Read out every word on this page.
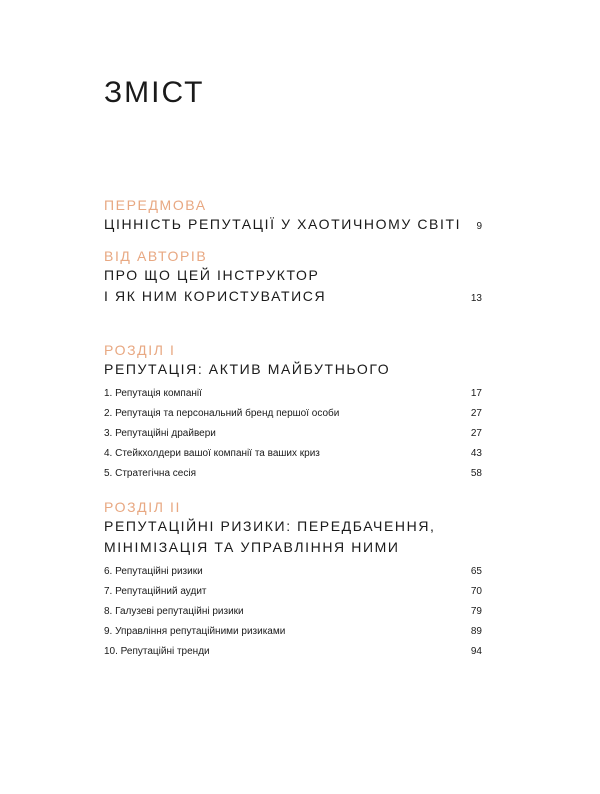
ЗМІСТ
ПЕРЕДМОВА
ЦІННІСТЬ РЕПУТАЦІЇ У ХАОТИЧНОМУ СВІТІ	9
ВІД АВТОРІВ
ПРО ЩО ЦЕЙ ІНСТРУКТОР
І ЯК НИМ КОРИСТУВАТИСЯ	13
РОЗДІЛ І
РЕПУТАЦІЯ: АКТИВ МАЙБУТНЬОГО
1. Репутація компанії	17
2. Репутація та персональний бренд першої особи	27
3. Репутаційні драйвери	27
4. Стейкхолдери вашої компанії та ваших криз	43
5. Стратегічна сесія	58
РОЗДІЛ ІІ
РЕПУТАЦІЙНІ РИЗИКИ: ПЕРЕДБАЧЕННЯ,
МІНІМІЗАЦІЯ ТА УПРАВЛІННЯ НИМИ
6. Репутаційні ризики	65
7. Репутаційний аудит	70
8. Галузеві репутаційні ризики	79
9. Управління репутаційними ризиками	89
10. Репутаційні тренди	94
